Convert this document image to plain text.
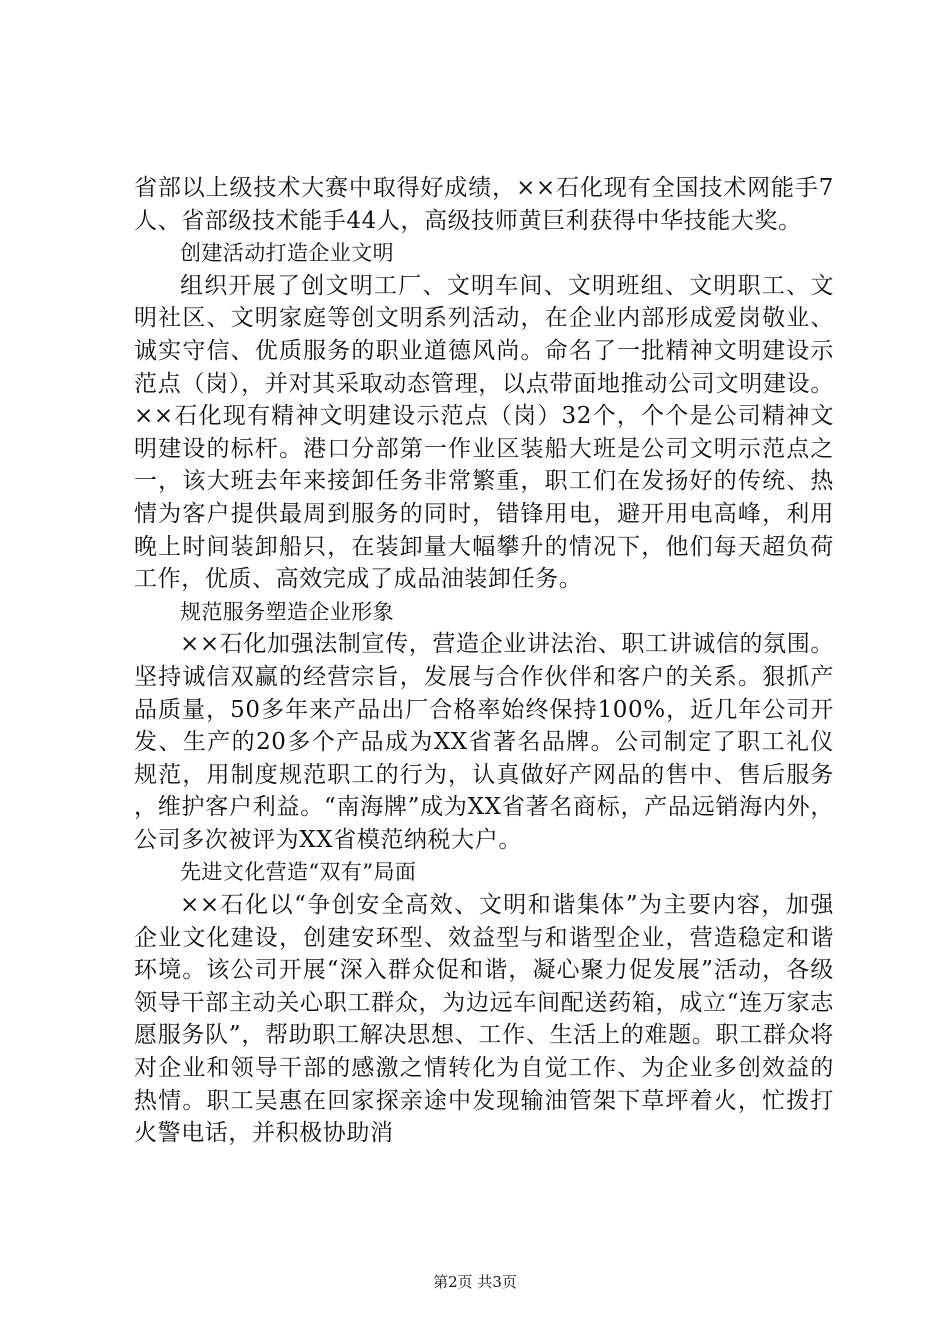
省部以上级技术大赛中取得好成绩，××石化现有全国技术网能手7人、省部级技术能手44人，高级技师黄巨利获得中华技能大奖。

创建活动打造企业文明

组织开展了创文明工厂、文明车间、文明班组、文明职工、文明社区、文明家庭等创文明系列活动，在企业内部形成爱岗敬业、诚实守信、优质服务的职业道德风尚。命名了一批精神文明建设示范点（岗），并对其采取动态管理，以点带面地推动公司文明建设。××石化现有精神文明建设示范点（岗）32个，个个是公司精神文明建设的标杆。港口分部第一作业区装船大班是公司文明示范点之一，该大班去年来接卸任务非常繁重，职工们在发扬好的传统、热情为客户提供最周到服务的同时，错锋用电，避开用电高峰，利用晚上时间装卸船只，在装卸量大幅攀升的情况下，他们每天超负荷工作，优质、高效完成了成品油装卸任务。

规范服务塑造企业形象

××石化加强法制宣传，营造企业讲法治、职工讲诚信的氛围。坚持诚信双赢的经营宗旨，发展与合作伙伴和客户的关系。狠抓产品质量，50多年来产品出厂合格率始终保持100%，近几年公司开发、生产的20多个产品成为XX省著名品牌。公司制定了职工礼仪规范，用制度规范职工的行为，认真做好产网品的售中、售后服务，维护客户利益。“南海牌”成为XX省著名商标，产品远销海内外，公司多次被评为XX省模范纳税大户。

先进文化营造“双有”局面

××石化以“争创安全高效、文明和谐集体”为主要内容，加强企业文化建设，创建安环型、效益型与和谐型企业，营造稳定和谐环境。该公司开展“深入群众促和谐，凝心聚力促发展”活动，各级领导干部主动关心职工群众，为边远车间配送药箱，成立“连万家志愿服务队”，帮助职工解决思想、工作、生活上的难题。职工群众将对企业和领导干部的感激之情转化为自觉工作、为企业多创效益的热情。职工吴惠在回家探亲途中发现输油管架下草坪着火，忙拨打火警电话，并积极协助消

第2页 共3页
